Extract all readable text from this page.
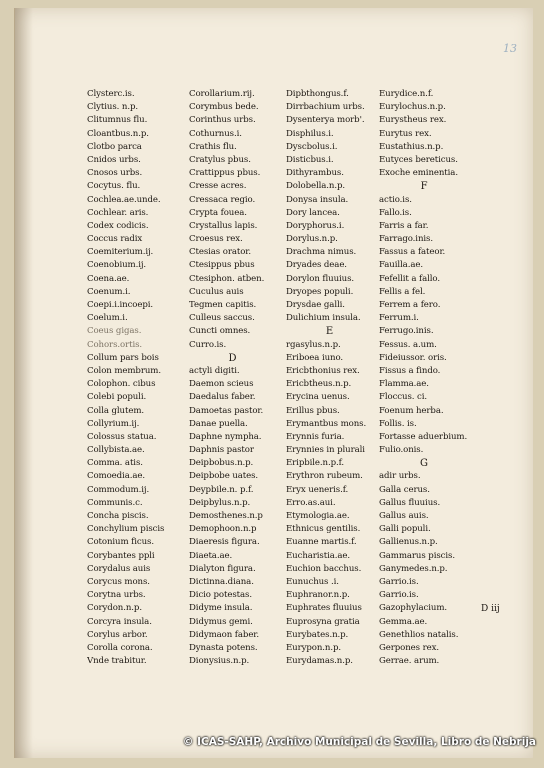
13
Clysterc.is.
Clytius. n.p.
Clitumnus flu.
Cloantbus.n.p.
Clotbo parca
Cnidos urbs.
Cnosos urbs.
Cocytus. flu.
Cochlea.ae.unde.
Cochlear. aris.
Codex codicis.
Coccus radix
Coemiterium.ij.
Coenobium.ij.
Coena.ae.
Coenum.i.
Coepi.i.incoepi.
Coelum.i.
Coeus gigas.
Cohors.ortis.
Collum pars bois
Colon membrum.
Colophon. cibus
Colebi populi.
Colla glutem.
Collyrium.ij.
Colossus statua.
Collybista.ae.
Comma. atis.
Comoedia.ae.
Commodum.ij.
Communis.c.
Concha piscis.
Conchylium piscis
Cotonium ficus.
Corybantes ppli
Corydalus auis
Corycus mons.
Corytna urbs.
Corydon.n.p.
Corcyra insula.
Corylus arbor.
Corolla corona.
Vnde trabitur.
Corollarium.rij.
Corymbus bede.
Corinthus urbs.
Cothurnus.i.
Crathis flu.
Cratylus pbus.
Crattippus pbus.
Cresse acres.
Cressaca regio.
Crypta fouea.
Crystallus lapis.
Croesus rex.
Ctesias orator.
Ctesippus pbus
Ctesiphon. atben.
Cuculus auis
Tegmen capitis.
Culleus saccus.
Cuncti omnes.
Curro.is.
D
actyli digiti.
Daemon scieus
Daedalus faber.
Damoetas pastor.
Danae puella.
Daphne nympha.
Daphnis pastor
Deipbobus.n.p.
Deipbobe uates.
Deypbile.n. p.f.
Deipbylus.n.p.
Demosthenes.n.p
Demophoon.n.p
Diaeresis figura.
Diaeta.ae.
Dialyton figura.
Dictinna.diana.
Dicio potestas.
Didyme insula.
Didymus gemi.
Didymaon faber.
Dynasta potens.
Dionysius.n.p.
Dipbthongus.f.
Dirrbachium urbs.
Dysenterya morb'.
Disphilus.i.
Dyscbolus.i.
Disticbus.i.
Dithyrambus.
Dolobella.n.p.
Donysa insula.
Dory lancea.
Doryphorus.i.
Dorylus.n.p.
Drachma nimus.
Dryades deae.
Dorylon fluuius.
Dryopes populi.
Drysdae galli.
Dulichium insula.
E
rgasylus.n.p.
Eriboea iuno.
Ericbthonius rex.
Ericbtheus.n.p.
Erycina uenus.
Erillus pbus.
Erymantbus mons.
Erynnis furia.
Erynnies in plurali
Eripbile.n.p.f.
Erythron rubeum.
Eryx ueneris.f.
Erro.as.aui.
Etymologia.ae.
Ethnicus gentilis.
Euanne martis.f.
Eucharistia.ae.
Euchion bacchus.
Eunuchus .i.
Euphranor.n.p.
Euphrates fluuius
Euprosyna gratia
Eurybates.n.p.
Eurypon.n.p.
Eurydamas.n.p.
Eurydice.n.f.
Eurylochus.n.p.
Eurystheus rex.
Eurytus rex.
Eustathius.n.p.
Eutyces bereticus.
Exoche eminentia.
F
actio.is.
Fallo.is.
Farris a far.
Farrago.inis.
Fassus a fateor.
Fauilla.ae.
Fefellit a fallo.
Fellis a fel.
Ferrem a fero.
Ferrum.i.
Ferrugo.inis.
Fessus. a.um.
Fideiussor. oris.
Fissus a findo.
Flamma.ae.
Floccus. ci.
Foenum herba.
Follis. is.
Fortasse aduerbium.
Fulio.onis.
G
adir urbs.
Galla cerus.
Gallus fluuius.
Gallus auis.
Galli populi.
Gallienus.n.p.
Gammarus piscis.
Ganymedes.n.p.
Garrio.is.
Garrio.is.
Gazophylacium.
Gemma.ae.
Genethlios natalis.
Gerpones rex.
Gerrae. arum.
D iij
© ICAS-SAHP, Archivo Municipal de Sevilla, Libro de Nebrija
